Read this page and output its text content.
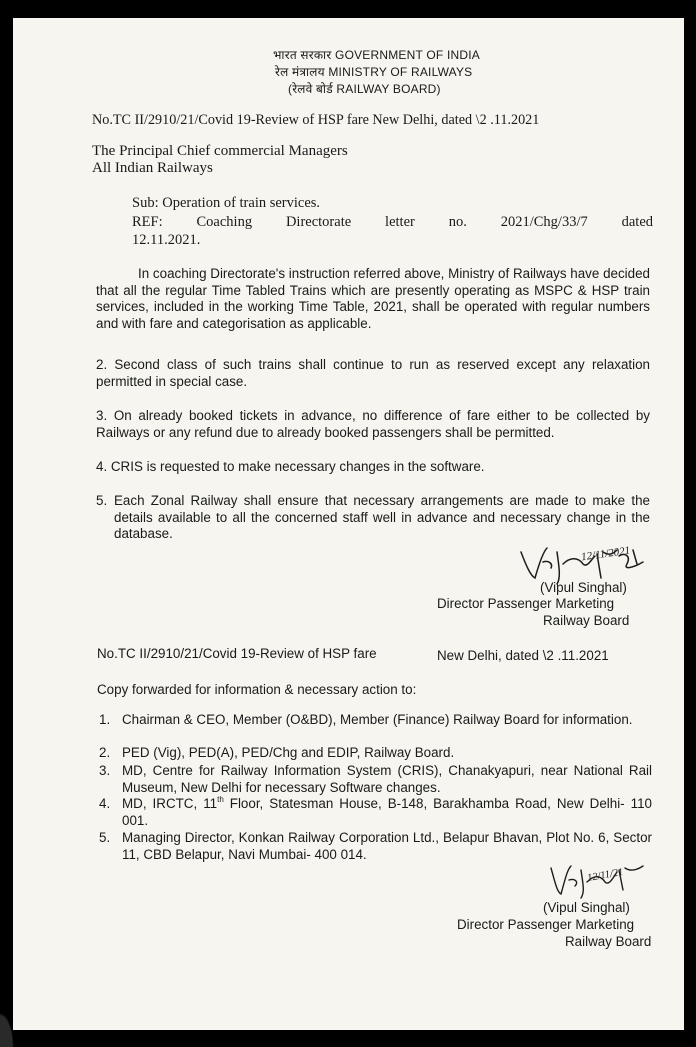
भारत सरकार GOVERNMENT OF INDIA
रेल मंत्रालय MINISTRY OF RAILWAYS
(रेलवे बोर्ड RAILWAY BOARD)
No.TC II/2910/21/Covid 19-Review of HSP fare New Delhi, dated \2 .11.2021
The Principal Chief commercial Managers
All Indian Railways
Sub: Operation of train services.
REF: Coaching Directorate letter no. 2021/Chg/33/7 dated
12.11.2021.
In coaching Directorate's instruction referred above, Ministry of Railways have decided that all the regular Time Tabled Trains which are presently operating as MSPC & HSP train services, included in the working Time Table, 2021, shall be operated with regular numbers and with fare and categorisation as applicable.
2. Second class of such trains shall continue to run as reserved except any relaxation permitted in special case.
3. On already booked tickets in advance, no difference of fare either to be collected by Railways or any refund due to already booked passengers shall be permitted.
4. CRIS is requested to make necessary changes in the software.
5. Each Zonal Railway shall ensure that necessary arrangements are made to make the details available to all the concerned staff well in advance and necessary change in the database.
12/11/2021
(Vipul Singhal)
Director Passenger Marketing
Railway Board
No.TC II/2910/21/Covid 19-Review of HSP fare	New Delhi, dated \2 .11.2021
Copy forwarded for information & necessary action to:
1. Chairman & CEO, Member (O&BD), Member (Finance) Railway Board for information.
2. PED (Vig), PED(A), PED/Chg and EDIP, Railway Board.
3. MD, Centre for Railway Information System (CRIS), Chanakyapuri, near National Rail Museum, New Delhi for necessary Software changes.
4. MD, IRCTC, 11th Floor, Statesman House, B-148, Barakhamba Road, New Delhi- 110 001.
5. Managing Director, Konkan Railway Corporation Ltd., Belapur Bhavan, Plot No. 6, Sector 11, CBD Belapur, Navi Mumbai- 400 014.
12/11/21
(Vipul Singhal)
Director Passenger Marketing
Railway Board
